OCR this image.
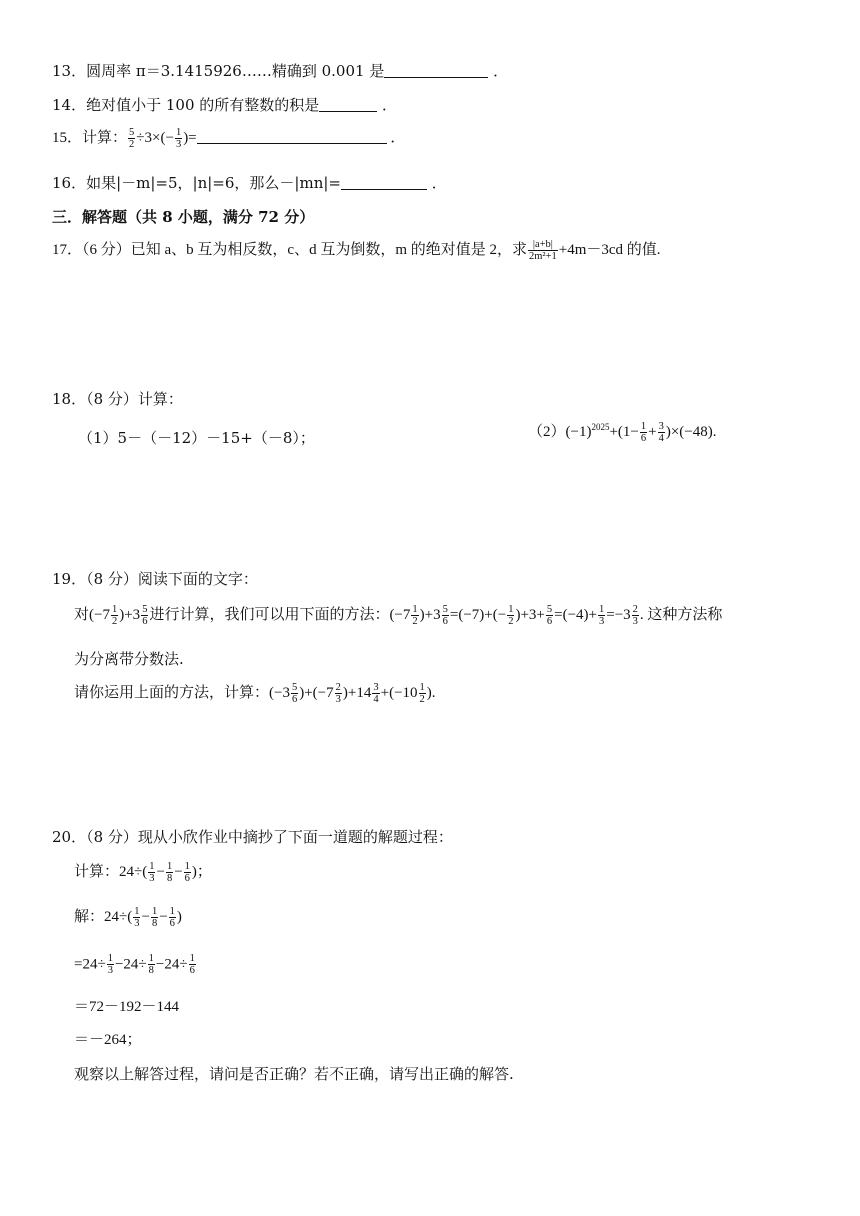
13．圆周率 π＝3.1415926……精确到 0.001 是	．
14．绝对值小于 100 的所有整数的积是	．
15．计算： $\frac{5}{2} \div 3\times(- \frac{1}{3}$ )=	．
16．如果|－m|=5，|n|=6，那么－|mn|=	．
三．解答题（共 8 小题，满分 72 分）
17．（6 分）已知 a、b 互为相反数，c、d 互为倒数，m 的绝对值是 2，求 $\frac{|a+b|}{\text{2m²+1}} +4m-3cd$ 的值.
18．（8 分）计算：
（1）5－（－12）－15+（－8）；	$(2)(-1)^{2025}+(1- \frac{1}{6} + \frac{3}{4} )\times(-48)$.
19．（8 分）阅读下面的文字：
对$(-7 \frac{1}{2} )+3 \frac{5}{6}$ 进行计算，我们可以用下面的方法：$(-7 \frac{1}{2} )+3 \frac{5}{6} =(-7)+(- \frac{1}{2} )+3+ \frac{5}{6} =(-4)+ \frac{1}{3} =-3 \frac{2}{3}$ . 这种方法称
为分离带分数法.
请你运用上面的方法，计算：$(-3 \frac{5}{6} )+(-7 \frac{2}{3} )+14 \frac{3}{4} +(-10 \frac{1}{2}$ ).
20．（8 分）现从小欣作业中摘抄了下面一道题的解题过程：
计算：$24\div( \frac{1}{3} - \frac{1}{8} - \frac{1}{6}$ )；
解：$24\div( \frac{1}{3} - \frac{1}{8} - \frac{1}{6}$ )
$=24\div \frac{1}{3} -24\div \frac{1}{8} -24\div \frac{1}{6}$
＝72－192－144
＝－264；
观察以上解答过程，请问是否正确？若不正确，请写出正确的解答.
